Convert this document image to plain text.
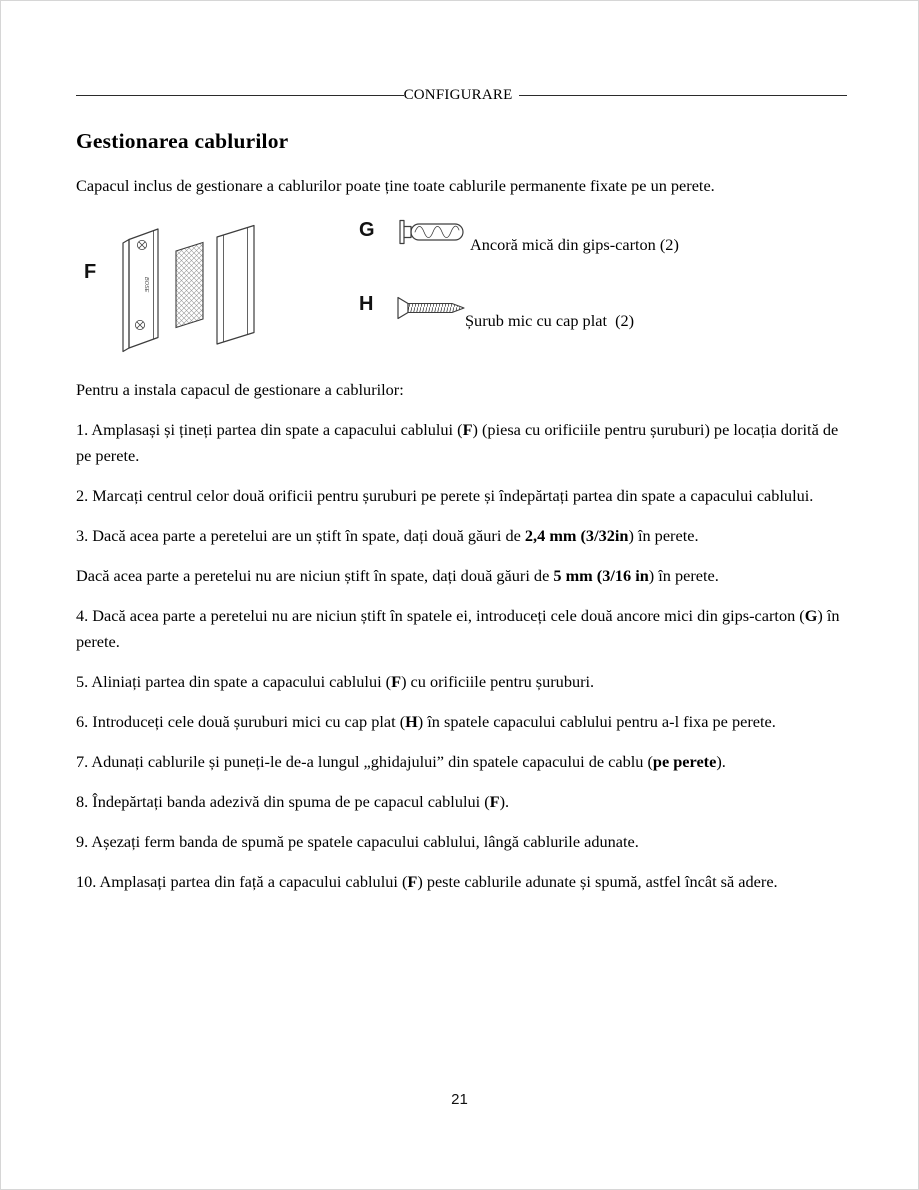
CONFIGURARE
Gestionarea cablurilor

Capacul inclus de gestionare a cablurilor poate ține toate cablurile permanente fixate pe un perete.

F
BOSE
G
Ancoră mică din gips-carton (2)
H
Șurub mic cu cap plat  (2)

Pentru a instala capacul de gestionare a cablurilor:

1. Amplasași și țineți partea din spate a capacului cablului (F) (piesa cu orificiile pentru șuruburi) pe locația dorită de pe perete.

2. Marcați centrul celor două orificii pentru șuruburi pe perete și îndepărtați partea din spate a capacului cablului.

3. Dacă acea parte a peretelui are un știft în spate, dați două găuri de 2,4 mm (3/32in) în perete.

Dacă acea parte a peretelui nu are niciun știft în spate, dați două găuri de 5 mm (3/16 in) în perete.

4. Dacă acea parte a peretelui nu are niciun știft în spatele ei, introduceți cele două ancore mici din gips-carton (G) în perete.

5. Aliniați partea din spate a capacului cablului (F) cu orificiile pentru șuruburi.

6. Introduceți cele două șuruburi mici cu cap plat (H) în spatele capacului cablului pentru a-l fixa pe perete.

7. Adunați cablurile și puneți-le de-a lungul „ghidajului” din spatele capacului de cablu (pe perete).

8. Îndepărtați banda adezivă din spuma de pe capacul cablului (F).

9. Așezați ferm banda de spumă pe spatele capacului cablului, lângă cablurile adunate.

10. Amplasați partea din față a capacului cablului (F) peste cablurile adunate și spumă, astfel încât să adere.

21
